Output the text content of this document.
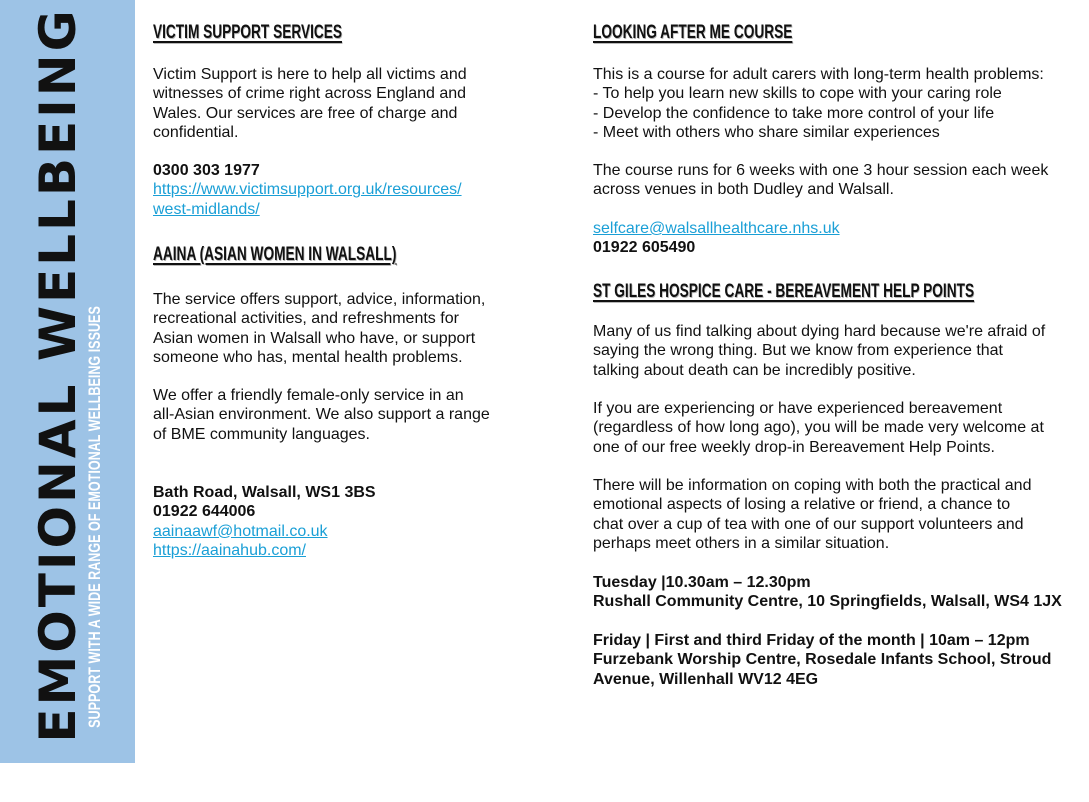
EMOTIONAL WELLBEING
SUPPORT WITH A WIDE RANGE OF EMOTIONAL WELLBEING ISSUES
VICTIM SUPPORT SERVICES

Victim Support is here to help all victims and

witnesses of crime right across England and

Wales. Our services are free of charge and

confidential.

0300 303 1977

https://www.victimsupport.org.uk/resources/

west-midlands/

AAINA (ASIAN WOMEN IN WALSALL)

The service offers support, advice, information,

recreational activities, and refreshments for

Asian women in Walsall who have, or support

someone who has, mental health problems.

We offer a friendly female-only service in an

all-Asian environment. We also support a range

of BME community languages.

Bath Road, Walsall, WS1 3BS

01922 644006

aainaawf@hotmail.co.uk

https://aainahub.com/

LOOKING AFTER ME COURSE

This is a course for adult carers with long-term health problems:

- To help you learn new skills to cope with your caring role

- Develop the confidence to take more control of your life

- Meet with others who share similar experiences

The course runs for 6 weeks with one 3 hour session each week

across venues in both Dudley and Walsall.

selfcare@walsallhealthcare.nhs.uk

01922 605490

ST GILES HOSPICE CARE - BEREAVEMENT HELP POINTS

Many of us find talking about dying hard because we're afraid of

saying the wrong thing. But we know from experience that

talking about death can be incredibly positive.

If you are experiencing or have experienced bereavement

(regardless of how long ago), you will be made very welcome at

one of our free weekly drop-in Bereavement Help Points.

There will be information on coping with both the practical and

emotional aspects of losing a relative or friend, a chance to

chat over a cup of tea with one of our support volunteers and

perhaps meet others in a similar situation.

Tuesday |10.30am – 12.30pm

Rushall Community Centre, 10 Springfields, Walsall, WS4 1JX

Friday | First and third Friday of the month | 10am – 12pm

Furzebank Worship Centre, Rosedale Infants School, Stroud

Avenue, Willenhall WV12 4EG
